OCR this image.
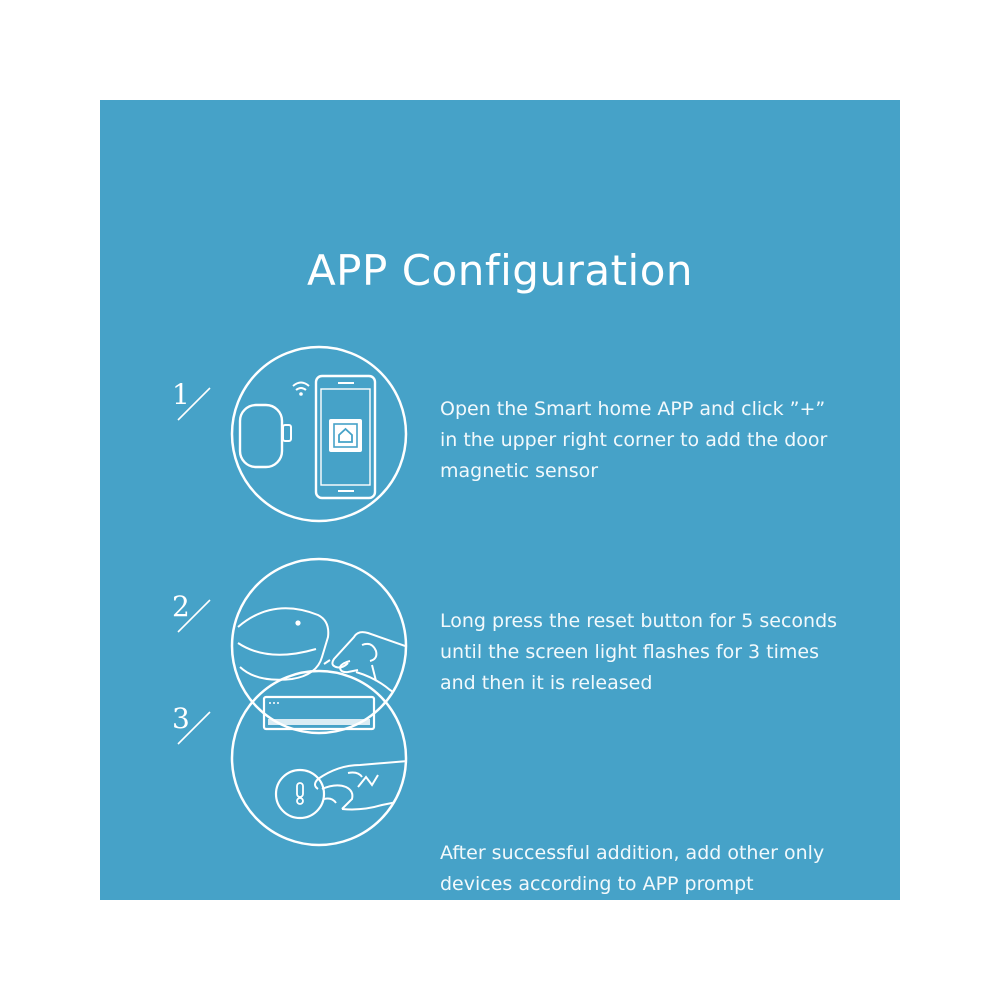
APP Configuration
1	Open the Smart home APP and click ”+”
in the upper right corner to add the door
magnetic sensor
2	Long press the reset button for 5 seconds
until the screen light flashes for 3 times
and then it is released
3
After successful addition, add other only
devices according to APP prompt
